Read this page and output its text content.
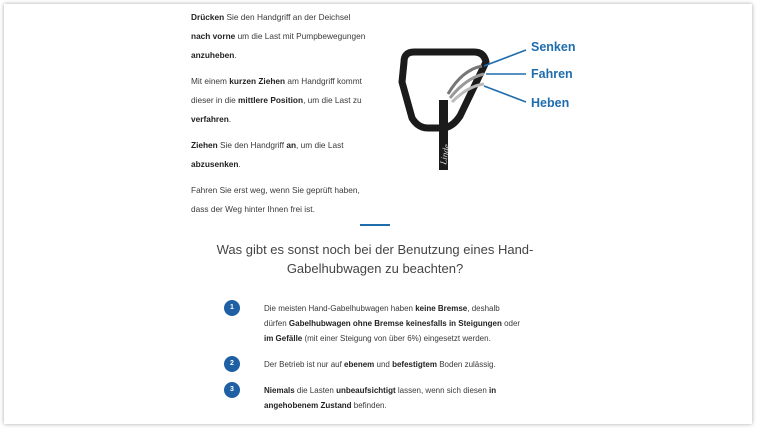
Drücken Sie den Handgriff an der Deichsel nach vorne um die Last mit Pumpbewegungen anzuheben.

Mit einem kurzen Ziehen am Handgriff kommt dieser in die mittlere Position, um die Last zu verfahren.

Ziehen Sie den Handgriff an, um die Last abzusenken.

Fahren Sie erst weg, wenn Sie geprüft haben, dass der Weg hinter Ihnen frei ist.

Linde
Senken
Fahren
Heben
Was gibt es sonst noch bei der Benutzung eines Hand-Gabelhubwagen zu beachten?
1	Die meisten Hand-Gabelhubwagen haben keine Bremse, deshalb dürfen Gabelhubwagen ohne Bremse keinesfalls in Steigungen oder im Gefälle (mit einer Steigung von über 6%) eingesetzt werden.
2	Der Betrieb ist nur auf ebenem und befestigtem Boden zulässig.
3	Niemals die Lasten unbeaufsichtigt lassen, wenn sich diesen in angehobenem Zustand befinden.
